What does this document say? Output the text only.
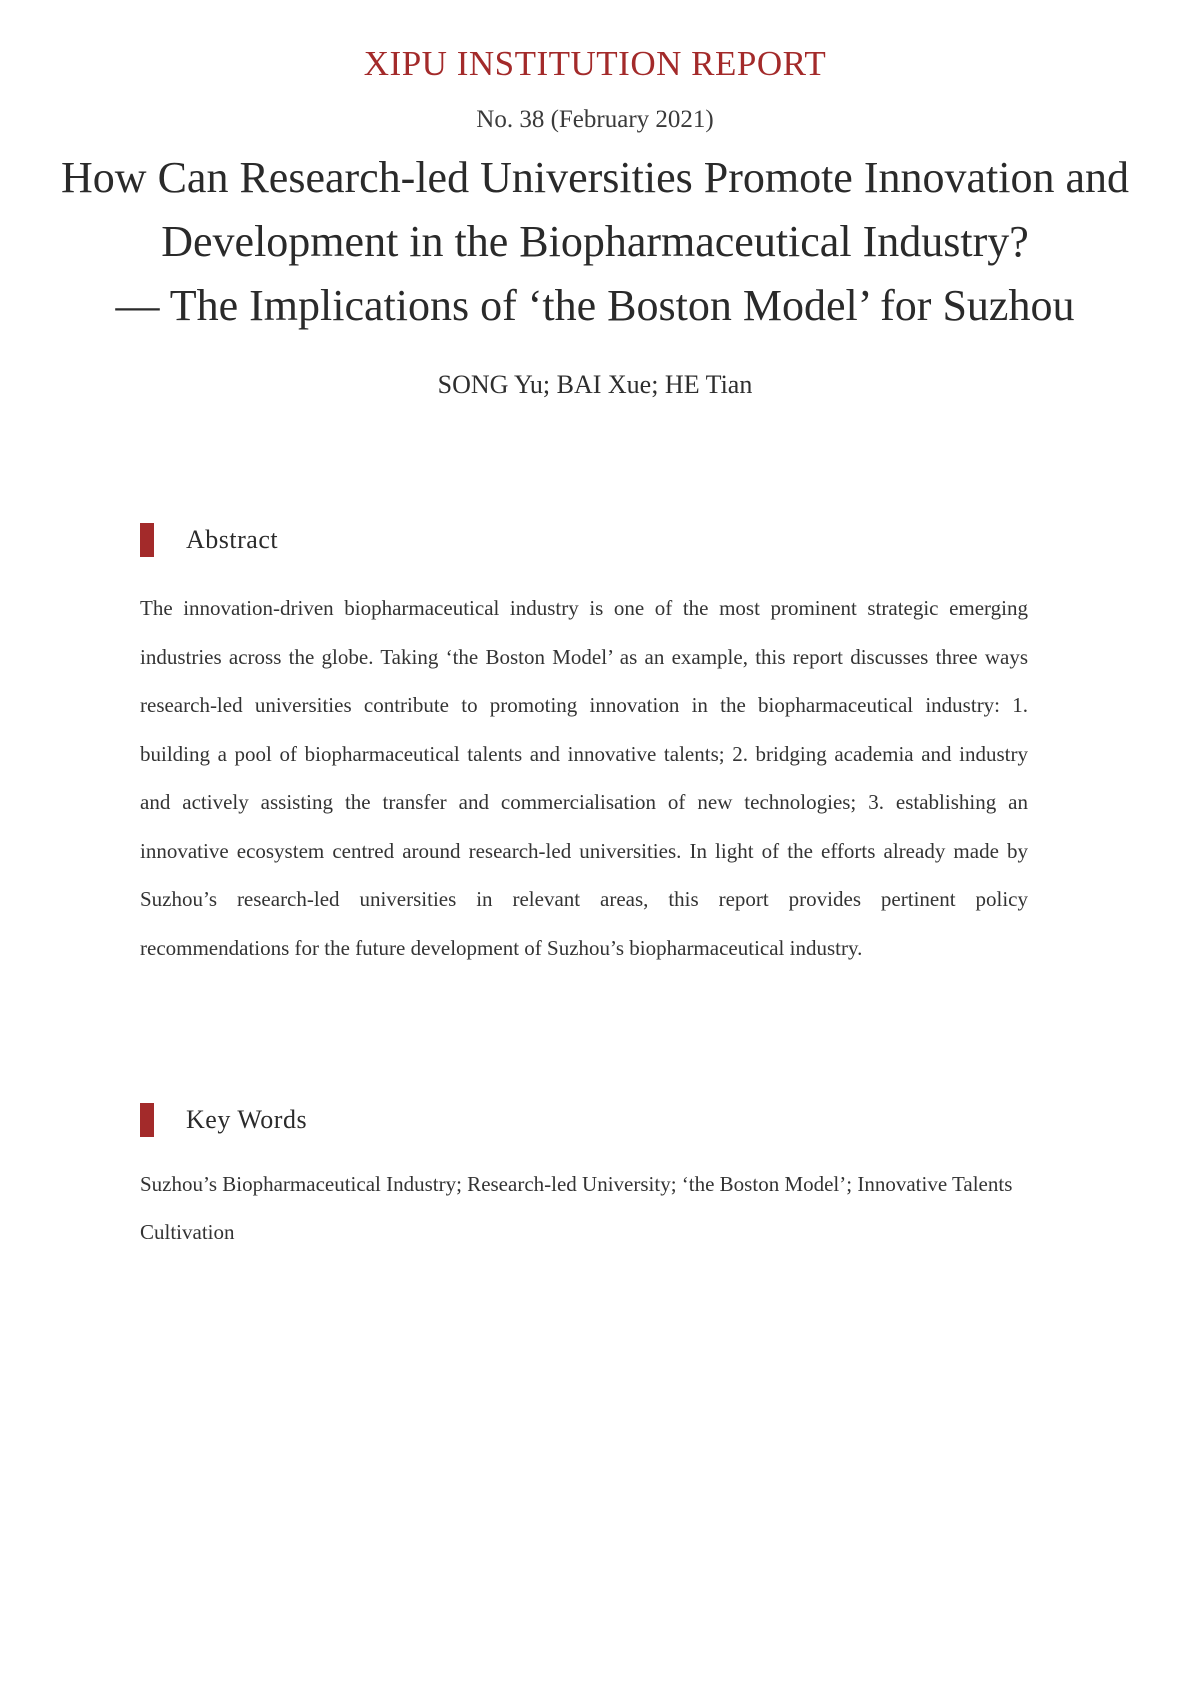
XIPU INSTITUTION REPORT
No. 38 (February 2021)
How Can Research-led Universities Promote Innovation and
Development in the Biopharmaceutical Industry?
— The Implications of ‘the Boston Model’ for Suzhou
SONG Yu; BAI Xue; HE Tian
Abstract
The innovation-driven biopharmaceutical industry is one of the most prominent strategic emerging industries across the globe. Taking ‘the Boston Model’ as an example, this report discusses three ways research-led universities contribute to promoting innovation in the biopharmaceutical industry: 1. building a pool of biopharmaceutical talents and innovative talents; 2. bridging academia and industry and actively assisting the transfer and commercialisation of new technologies; 3. establishing an innovative ecosystem centred around research-led universities. In light of the efforts already made by Suzhou’s research-led universities in relevant areas, this report provides pertinent policy recommendations for the future development of Suzhou’s biopharmaceutical industry.
Key Words
Suzhou’s Biopharmaceutical Industry; Research-led University; ‘the Boston Model’; Innovative Talents Cultivation
